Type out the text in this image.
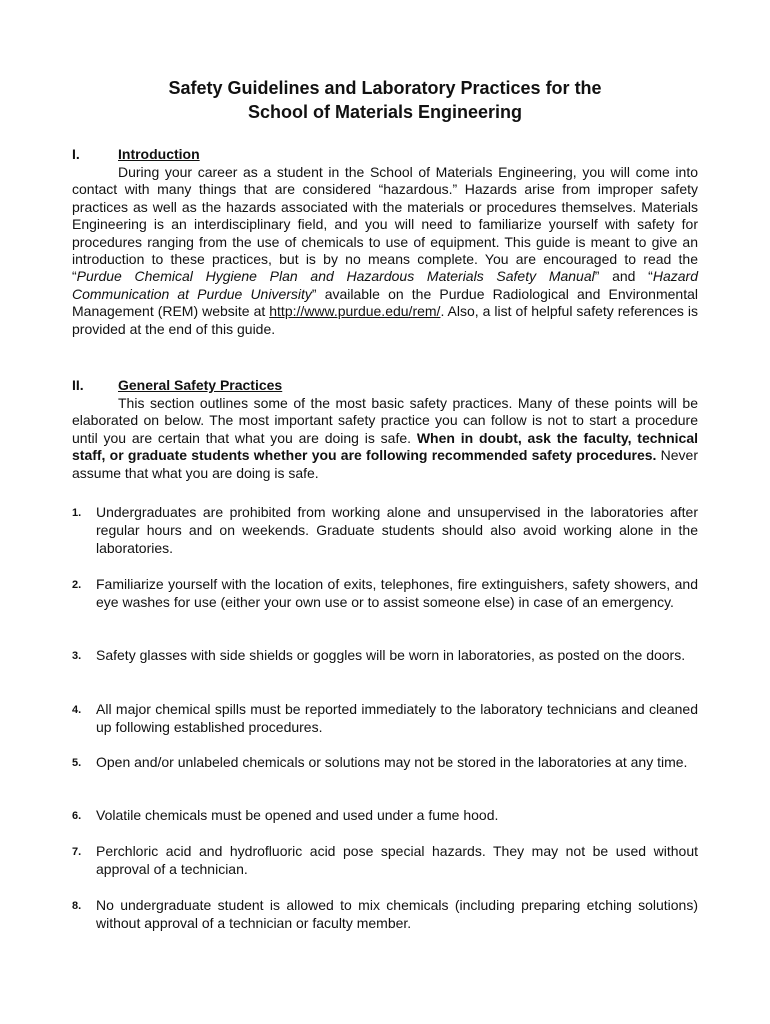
Safety Guidelines and Laboratory Practices for the
School of Materials Engineering
I.	Introduction
During your career as a student in the School of Materials Engineering, you will come into contact with many things that are considered “hazardous.” Hazards arise from improper safety practices as well as the hazards associated with the materials or procedures themselves. Materials Engineering is an interdisciplinary field, and you will need to familiarize yourself with safety for procedures ranging from the use of chemicals to use of equipment. This guide is meant to give an introduction to these practices, but is by no means complete. You are encouraged to read the “Purdue Chemical Hygiene Plan and Hazardous Materials Safety Manual” and “Hazard Communication at Purdue University” available on the Purdue Radiological and Environmental Management (REM) website at http://www.purdue.edu/rem/. Also, a list of helpful safety references is provided at the end of this guide.
II. General Safety Practices
This section outlines some of the most basic safety practices. Many of these points will be elaborated on below. The most important safety practice you can follow is not to start a procedure until you are certain that what you are doing is safe. When in doubt, ask the faculty, technical staff, or graduate students whether you are following recommended safety procedures. Never assume that what you are doing is safe.
1. Undergraduates are prohibited from working alone and unsupervised in the laboratories after regular hours and on weekends. Graduate students should also avoid working alone in the laboratories.
2. Familiarize yourself with the location of exits, telephones, fire extinguishers, safety showers, and eye washes for use (either your own use or to assist someone else) in case of an emergency.
3. Safety glasses with side shields or goggles will be worn in laboratories, as posted on the doors.
4. All major chemical spills must be reported immediately to the laboratory technicians and cleaned up following established procedures.
5. Open and/or unlabeled chemicals or solutions may not be stored in the laboratories at any time.
6. Volatile chemicals must be opened and used under a fume hood.
7. Perchloric acid and hydrofluoric acid pose special hazards. They may not be used without approval of a technician.
8. No undergraduate student is allowed to mix chemicals (including preparing etching solutions) without approval of a technician or faculty member.
